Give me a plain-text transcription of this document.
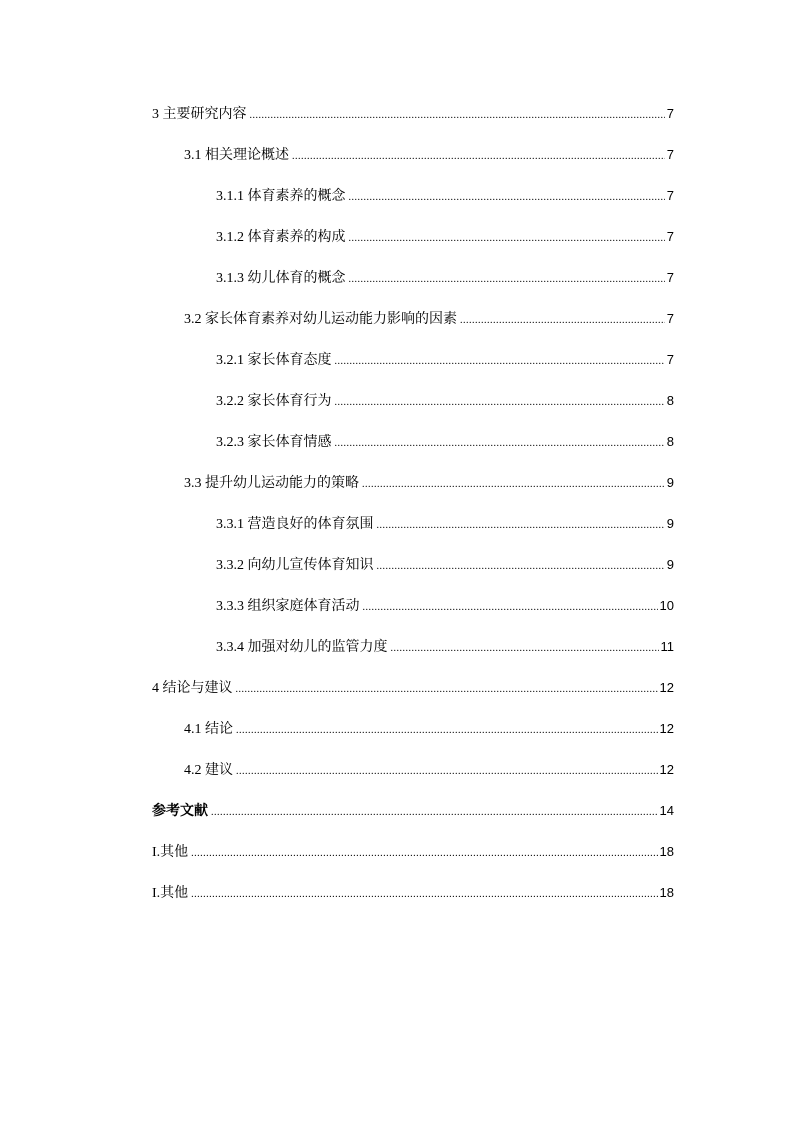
3 主要研究内容 .....	7
3.1 相关理论概述 .....	7
3.1.1 体育素养的概念 .....	7
3.1.2 体育素养的构成 .....	7
3.1.3 幼儿体育的概念 .....	7
3.2 家长体育素养对幼儿运动能力影响的因素 .....	7
3.2.1 家长体育态度 .....	7
3.2.2 家长体育行为 .....	8
3.2.3 家长体育情感 .....	8
3.3 提升幼儿运动能力的策略 .....	9
3.3.1 营造良好的体育氛围 .....	9
3.3.2 向幼儿宣传体育知识 .....	9
3.3.3 组织家庭体育活动 .....	10
3.3.4 加强对幼儿的监管力度 .....	11
4 结论与建议 .....	12
4.1 结论 .....	12
4.2 建议 .....	12
参考文献 .....	14
I.其他 .....	18
I.其他 .....	18
